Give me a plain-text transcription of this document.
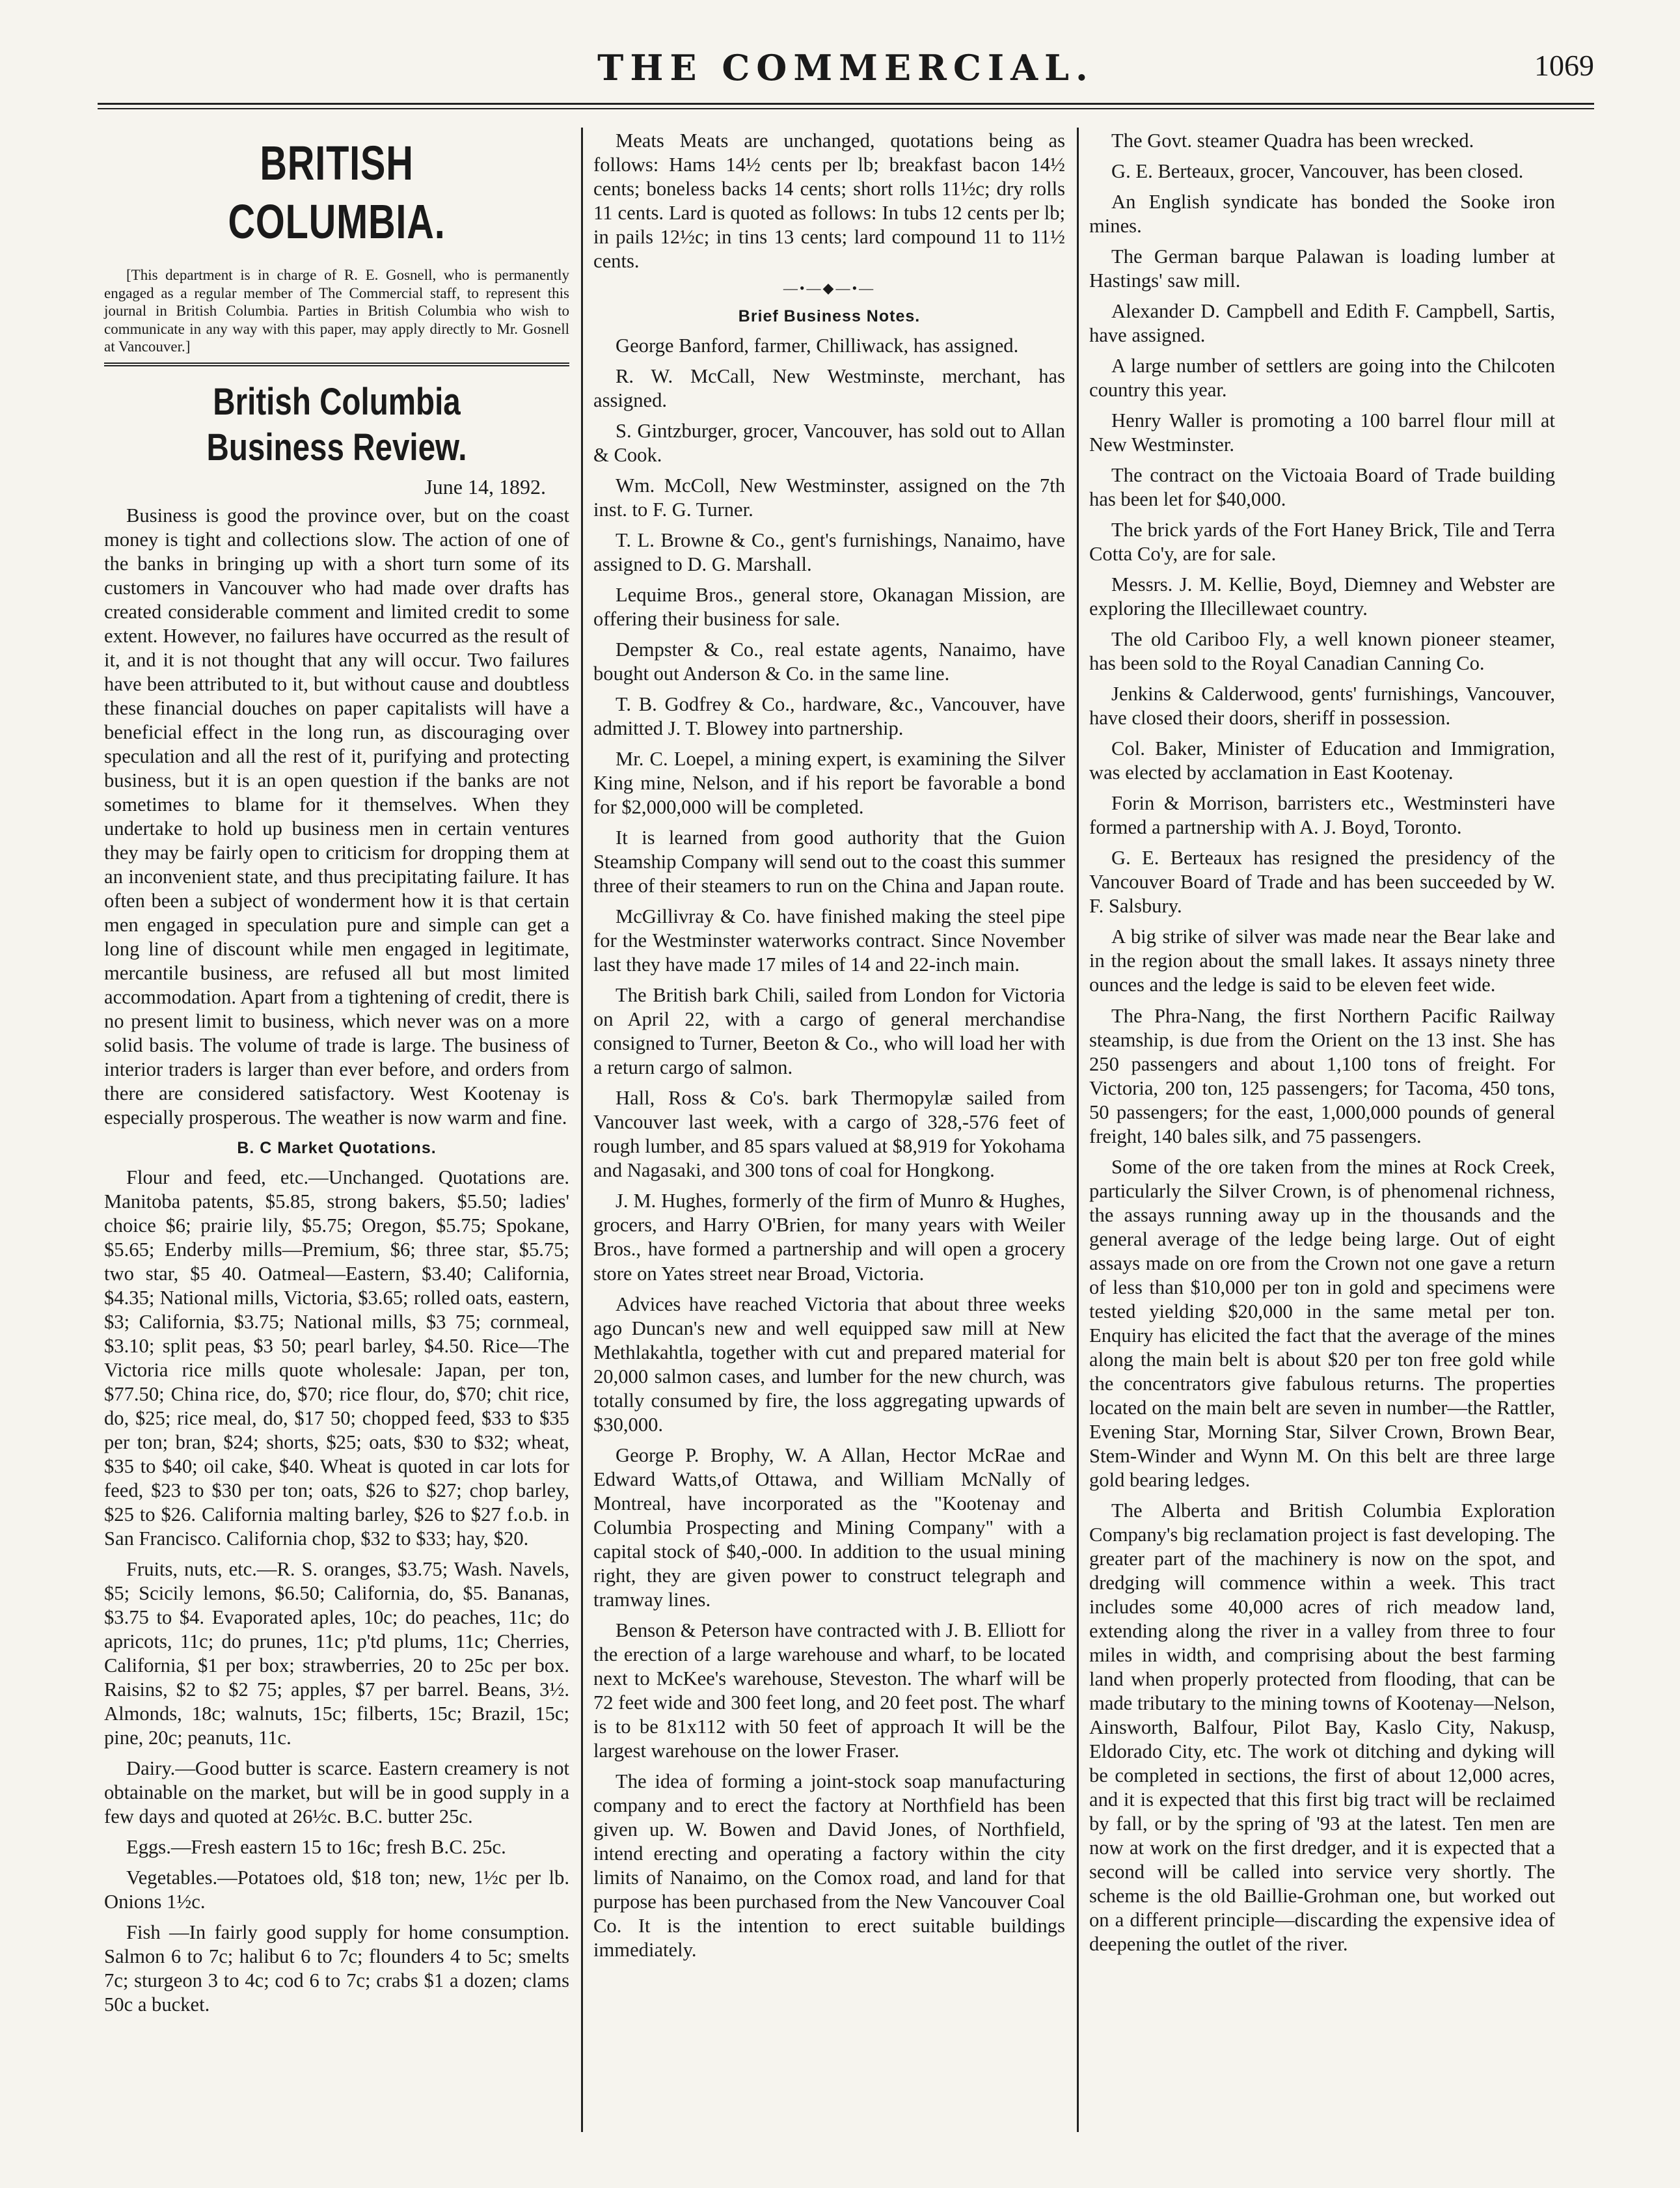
THE COMMERCIAL.	1069
BRITISH COLUMBIA.

[This department is in charge of R. E. Gosnell, who is permanently engaged as a regular member of The Commercial staff, to represent this journal in British Columbia. Parties in British Columbia who wish to communicate in any way with this paper, may apply directly to Mr. Gosnell at Vancouver.]

British Columbia Business Review.
June 14, 1892.

Business is good the province over, but on the coast money is tight and collections slow. The action of one of the banks in bringing up with a short turn some of its customers in Vancouver who had made over drafts has created considerable comment and limited credit to some extent. However, no failures have occurred as the result of it, and it is not thought that any will occur. Two failures have been attributed to it, but without cause and doubtless these financial douches on paper capitalists will have a beneficial effect in the long run, as discouraging over speculation and all the rest of it, purifying and protecting business, but it is an open question if the banks are not sometimes to blame for it themselves. When they undertake to hold up business men in certain ventures they may be fairly open to criticism for dropping them at an inconvenient state, and thus precipitating failure. It has often been a subject of wonderment how it is that certain men engaged in speculation pure and simple can get a long line of discount while men engaged in legitimate, mercantile business, are refused all but most limited accommodation. Apart from a tightening of credit, there is no present limit to business, which never was on a more solid basis. The volume of trade is large. The business of interior traders is larger than ever before, and orders from there are considered satisfactory. West Kootenay is especially prosperous. The weather is now warm and fine.

B. C Market Quotations.

Flour and feed, etc.—Unchanged. Quotations are. Manitoba patents, $5.85, strong bakers, $5.50; ladies' choice $6; prairie lily, $5.75; Oregon, $5.75; Spokane, $5.65; Enderby mills—Premium, $6; three star, $5.75; two star, $5 40. Oatmeal—Eastern, $3.40; California, $4.35; National mills, Victoria, $3.65; rolled oats, eastern, $3; California, $3.75; National mills, $3 75; cornmeal, $3.10; split peas, $3 50; pearl barley, $4.50. Rice—The Victoria rice mills quote wholesale: Japan, per ton, $77.50; China rice, do, $70; rice flour, do, $70; chit rice, do, $25; rice meal, do, $17 50; chopped feed, $33 to $35 per ton; bran, $24; shorts, $25; oats, $30 to $32; wheat, $35 to $40; oil cake, $40. Wheat is quoted in car lots for feed, $23 to $30 per ton; oats, $26 to $27; chop barley, $25 to $26. California malting barley, $26 to $27 f.o.b. in San Francisco. California chop, $32 to $33; hay, $20.

Fruits, nuts, etc.—R. S. oranges, $3.75; Wash. Navels, $5; Scicily lemons, $6.50; California, do, $5. Bananas, $3.75 to $4. Evaporated aples, 10c; do peaches, 11c; do apricots, 11c; do prunes, 11c; p'td plums, 11c; Cherries, California, $1 per box; strawberries, 20 to 25c per box. Raisins, $2 to $2 75; apples, $7 per barrel. Beans, 3½. Almonds, 18c; walnuts, 15c; filberts, 15c; Brazil, 15c; pine, 20c; peanuts, 11c.

Dairy.—Good butter is scarce. Eastern creamery is not obtainable on the market, but will be in good supply in a few days and quoted at 26½c. B.C. butter 25c.

Eggs.—Fresh eastern 15 to 16c; fresh B.C. 25c.

Vegetables.—Potatoes old, $18 ton; new, 1½c per lb. Onions 1½c.

Fish —In fairly good supply for home consumption. Salmon 6 to 7c; halibut 6 to 7c; flounders 4 to 5c; smelts 7c; sturgeon 3 to 4c; cod 6 to 7c; crabs $1 a dozen; clams 50c a bucket.

Meats Meats are unchanged, quotations being as follows: Hams 14½ cents per lb; breakfast bacon 14½ cents; boneless backs 14 cents; short rolls 11½c; dry rolls 11 cents. Lard is quoted as follows: In tubs 12 cents per lb; in pails 12½c; in tins 13 cents; lard compound 11 to 11½ cents.

—•—◆—•—
Brief Business Notes.

George Banford, farmer, Chilliwack, has assigned.

R. W. McCall, New Westminste, merchant, has assigned.

S. Gintzburger, grocer, Vancouver, has sold out to Allan & Cook.

Wm. McColl, New Westminster, assigned on the 7th inst. to F. G. Turner.

T. L. Browne & Co., gent's furnishings, Nanaimo, have assigned to D. G. Marshall.

Lequime Bros., general store, Okanagan Mission, are offering their business for sale.

Dempster & Co., real estate agents, Nanaimo, have bought out Anderson & Co. in the same line.

T. B. Godfrey & Co., hardware, &c., Vancouver, have admitted J. T. Blowey into partnership.

Mr. C. Loepel, a mining expert, is examining the Silver King mine, Nelson, and if his report be favorable a bond for $2,000,000 will be completed.

It is learned from good authority that the Guion Steamship Company will send out to the coast this summer three of their steamers to run on the China and Japan route.

McGillivray & Co. have finished making the steel pipe for the Westminster waterworks contract. Since November last they have made 17 miles of 14 and 22-inch main.

The British bark Chili, sailed from London for Victoria on April 22, with a cargo of general merchandise consigned to Turner, Beeton & Co., who will load her with a return cargo of salmon.

Hall, Ross & Co's. bark Thermopylæ sailed from Vancouver last week, with a cargo of 328,-576 feet of rough lumber, and 85 spars valued at $8,919 for Yokohama and Nagasaki, and 300 tons of coal for Hongkong.

J. M. Hughes, formerly of the firm of Munro & Hughes, grocers, and Harry O'Brien, for many years with Weiler Bros., have formed a partnership and will open a grocery store on Yates street near Broad, Victoria.

Advices have reached Victoria that about three weeks ago Duncan's new and well equipped saw mill at New Methlakahtla, together with cut and prepared material for 20,000 salmon cases, and lumber for the new church, was totally consumed by fire, the loss aggregating upwards of $30,000.

George P. Brophy, W. A Allan, Hector McRae and Edward Watts,of Ottawa, and William McNally of Montreal, have incorporated as the "Kootenay and Columbia Prospecting and Mining Company" with a capital stock of $40,-000. In addition to the usual mining right, they are given power to construct telegraph and tramway lines.

Benson & Peterson have contracted with J. B. Elliott for the erection of a large warehouse and wharf, to be located next to McKee's warehouse, Steveston. The wharf will be 72 feet wide and 300 feet long, and 20 feet post. The wharf is to be 81x112 with 50 feet of approach It will be the largest warehouse on the lower Fraser.

The idea of forming a joint-stock soap manufacturing company and to erect the factory at Northfield has been given up. W. Bowen and David Jones, of Northfield, intend erecting and operating a factory within the city limits of Nanaimo, on the Comox road, and land for that purpose has been purchased from the New Vancouver Coal Co. It is the intention to erect suitable buildings immediately.

The Govt. steamer Quadra has been wrecked.

G. E. Berteaux, grocer, Vancouver, has been closed.

An English syndicate has bonded the Sooke iron mines.

The German barque Palawan is loading lumber at Hastings' saw mill.

Alexander D. Campbell and Edith F. Campbell, Sartis, have assigned.

A large number of settlers are going into the Chilcoten country this year.

Henry Waller is promoting a 100 barrel flour mill at New Westminster.

The contract on the Victoaia Board of Trade building has been let for $40,000.

The brick yards of the Fort Haney Brick, Tile and Terra Cotta Co'y, are for sale.

Messrs. J. M. Kellie, Boyd, Diemney and Webster are exploring the Illecillewaet country.

The old Cariboo Fly, a well known pioneer steamer, has been sold to the Royal Canadian Canning Co.

Jenkins & Calderwood, gents' furnishings, Vancouver, have closed their doors, sheriff in possession.

Col. Baker, Minister of Education and Immigration, was elected by acclamation in East Kootenay.

Forin & Morrison, barristers etc., Westminsteri have formed a partnership with A. J. Boyd, Toronto.

G. E. Berteaux has resigned the presidency of the Vancouver Board of Trade and has been succeeded by W. F. Salsbury.

A big strike of silver was made near the Bear lake and in the region about the small lakes. It assays ninety three ounces and the ledge is said to be eleven feet wide.

The Phra-Nang, the first Northern Pacific Railway steamship, is due from the Orient on the 13 inst. She has 250 passengers and about 1,100 tons of freight. For Victoria, 200 ton, 125 passengers; for Tacoma, 450 tons, 50 passengers; for the east, 1,000,000 pounds of general freight, 140 bales silk, and 75 passengers.

Some of the ore taken from the mines at Rock Creek, particularly the Silver Crown, is of phenomenal richness, the assays running away up in the thousands and the general average of the ledge being large. Out of eight assays made on ore from the Crown not one gave a return of less than $10,000 per ton in gold and specimens were tested yielding $20,000 in the same metal per ton. Enquiry has elicited the fact that the average of the mines along the main belt is about $20 per ton free gold while the concentrators give fabulous returns. The properties located on the main belt are seven in number—the Rattler, Evening Star, Morning Star, Silver Crown, Brown Bear, Stem-Winder and Wynn M. On this belt are three large gold bearing ledges.

The Alberta and British Columbia Exploration Company's big reclamation project is fast developing. The greater part of the machinery is now on the spot, and dredging will commence within a week. This tract includes some 40,000 acres of rich meadow land, extending along the river in a valley from three to four miles in width, and comprising about the best farming land when properly protected from flooding, that can be made tributary to the mining towns of Kootenay—Nelson, Ainsworth, Balfour, Pilot Bay, Kaslo City, Nakusp, Eldorado City, etc. The work ot ditching and dyking will be completed in sections, the first of about 12,000 acres, and it is expected that this first big tract will be reclaimed by fall, or by the spring of '93 at the latest. Ten men are now at work on the first dredger, and it is expected that a second will be called into service very shortly. The scheme is the old Baillie-Grohman one, but worked out on a different principle—discarding the expensive idea of deepening the outlet of the river.
